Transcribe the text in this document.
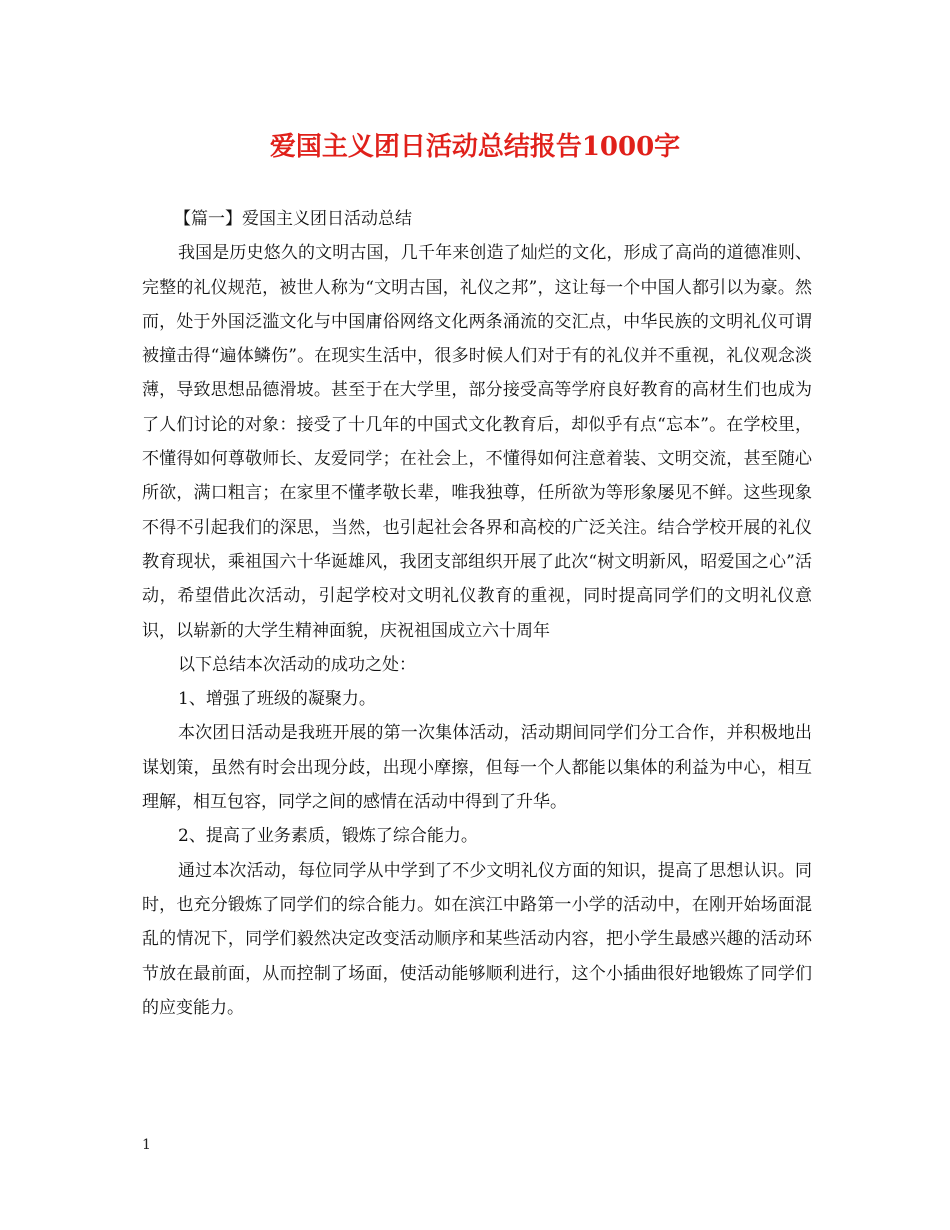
爱国主义团日活动总结报告1000字

【篇一】爱国主义团日活动总结

我国是历史悠久的文明古国，几千年来创造了灿烂的文化，形成了高尚的道德准则、完整的礼仪规范，被世人称为“文明古国，礼仪之邦”，这让每一个中国人都引以为豪。然而，处于外国泛滥文化与中国庸俗网络文化两条涌流的交汇点，中华民族的文明礼仪可谓被撞击得“遍体鳞伤”。在现实生活中，很多时候人们对于有的礼仪并不重视，礼仪观念淡薄，导致思想品德滑坡。甚至于在大学里，部分接受高等学府良好教育的高材生们也成为了人们讨论的对象：接受了十几年的中国式文化教育后，却似乎有点“忘本”。在学校里，不懂得如何尊敬师长、友爱同学；在社会上，不懂得如何注意着装、文明交流，甚至随心所欲，满口粗言；在家里不懂孝敬长辈，唯我独尊，任所欲为等形象屡见不鲜。这些现象不得不引起我们的深思，当然，也引起社会各界和高校的广泛关注。结合学校开展的礼仪教育现状，乘祖国六十华诞雄风，我团支部组织开展了此次“树文明新风，昭爱国之心”活动，希望借此次活动，引起学校对文明礼仪教育的重视，同时提高同学们的文明礼仪意识，以崭新的大学生精神面貌，庆祝祖国成立六十周年

以下总结本次活动的成功之处：

1、增强了班级的凝聚力。

本次团日活动是我班开展的第一次集体活动，活动期间同学们分工合作，并积极地出谋划策，虽然有时会出现分歧，出现小摩擦，但每一个人都能以集体的利益为中心，相互理解，相互包容，同学之间的感情在活动中得到了升华。

2、提高了业务素质，锻炼了综合能力。

通过本次活动，每位同学从中学到了不少文明礼仪方面的知识，提高了思想认识。同时，也充分锻炼了同学们的综合能力。如在滨江中路第一小学的活动中，在刚开始场面混乱的情况下，同学们毅然决定改变活动顺序和某些活动内容，把小学生最感兴趣的活动环节放在最前面，从而控制了场面，使活动能够顺利进行，这个小插曲很好地锻炼了同学们的应变能力。

1
